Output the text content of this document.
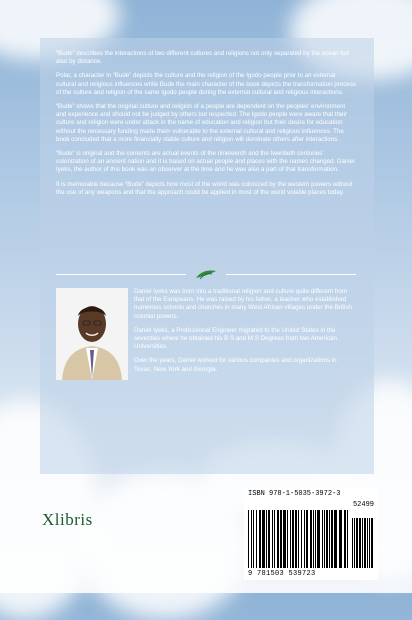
“Bude” describes the interactions of two different cultures and religions not only separated by the ocean but also by distance.

Polar, a character in “Bude” depicts the culture and the religion of the Igodo people prior to an external cultural and religious influences while Bude the main character of the book depicts the transformation process of the culture and religion of the same Igodo people during the external cultural and religious interactions.

“Bude” shows that the original culture and religion of a people are dependent on the peoples' environment and experience and should not be judged by others but respected. The Igodo people were aware that their culture and religion were under attack in the name of education and religion but their desire for education without the necessary funding made them vulnerable to the external cultural and religious influences. The book concluded that a more financially stable culture and religion will dominate others after interactions.

“Bude” is original and the contents are actual events of the nineteenth and the twentieth centuries' colonization of an ancient nation and it is based on actual people and places with the names changed. Daniel Iyeks, the author of this book was an observer at the time and he was also a part of that transformation.

It is memorable because “Bude” depicts how most of the world was colonized by the western powers without the use of any weapons and that the approach could be applied in most of the world volatile places today.

Daniel Iyeks was born into a traditional religion and culture quite different from that of the Europeans. He was raised by his father, a teacher who established numerous schools and churches in many West African villages under the British colonial powers.

Daniel Iyeks, a Professional Engineer migrated to the United States in the seventies where he obtained his B S and M S Degrees from two American Universities.

Over the years, Daniel worked for various companies and organizations in Texas, New York and Georgia.

Xlibris
ISBN 978-1-5035-3972-3
52499
9 781503 539723
